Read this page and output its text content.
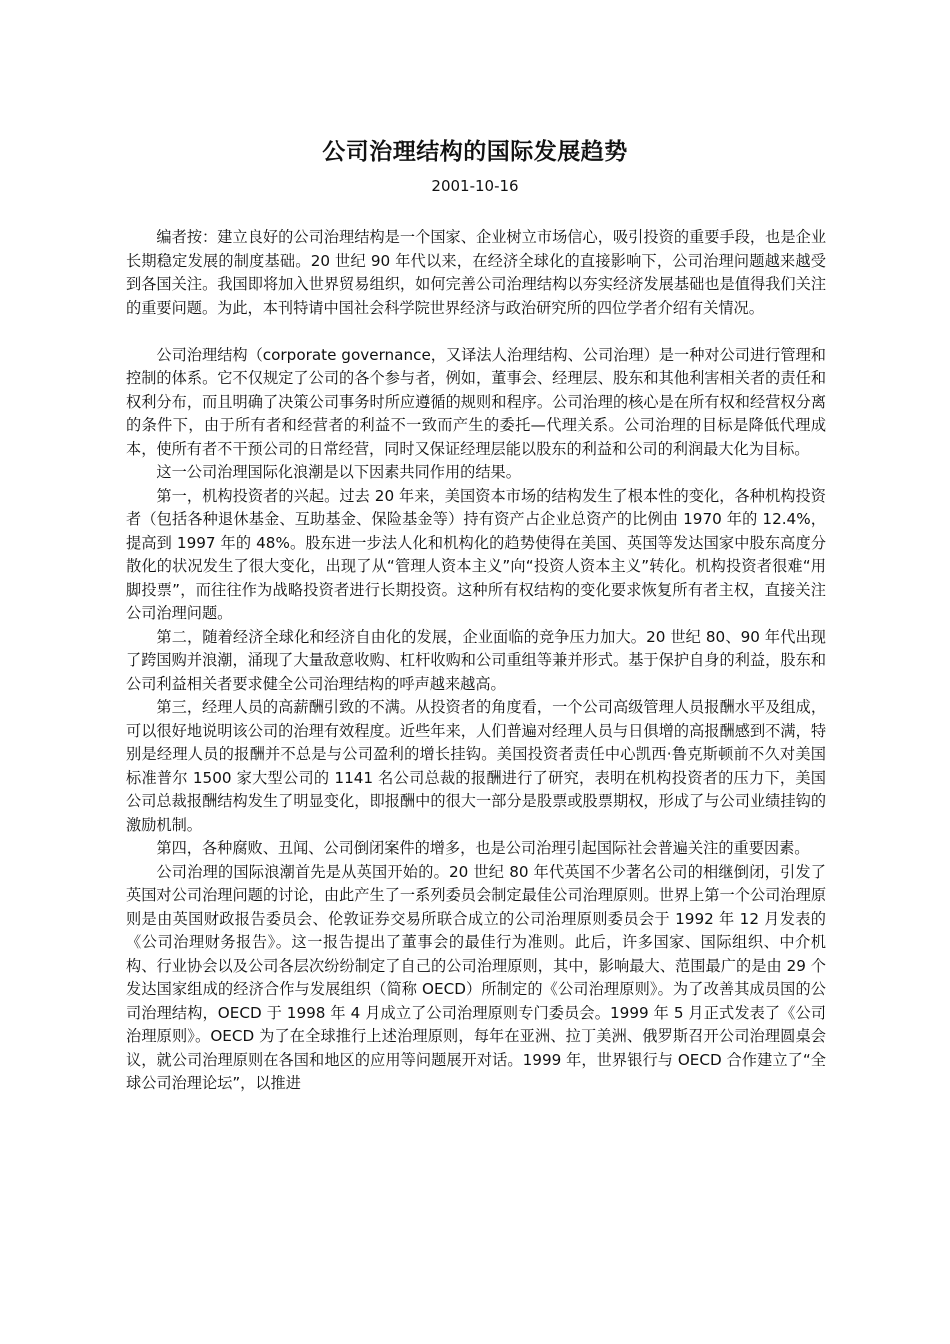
公司治理结构的国际发展趋势
2001-10-16

编者按：建立良好的公司治理结构是一个国家、企业树立市场信心，吸引投资的重要手段，也是企业长期稳定发展的制度基础。20 世纪 90 年代以来，在经济全球化的直接影响下，公司治理问题越来越受到各国关注。我国即将加入世界贸易组织，如何完善公司治理结构以夯实经济发展基础也是值得我们关注的重要问题。为此，本刊特请中国社会科学院世界经济与政治研究所的四位学者介绍有关情况。

公司治理结构（corporate governance，又译法人治理结构、公司治理）是一种对公司进行管理和控制的体系。它不仅规定了公司的各个参与者，例如，董事会、经理层、股东和其他利害相关者的责任和权利分布，而且明确了决策公司事务时所应遵循的规则和程序。公司治理的核心是在所有权和经营权分离的条件下，由于所有者和经营者的利益不一致而产生的委托—代理关系。公司治理的目标是降低代理成本，使所有者不干预公司的日常经营，同时又保证经理层能以股东的利益和公司的利润最大化为目标。

这一公司治理国际化浪潮是以下因素共同作用的结果。

第一，机构投资者的兴起。过去 20 年来，美国资本市场的结构发生了根本性的变化，各种机构投资者（包括各种退休基金、互助基金、保险基金等）持有资产占企业总资产的比例由 1970 年的 12.4%，提高到 1997 年的 48%。股东进一步法人化和机构化的趋势使得在美国、英国等发达国家中股东高度分散化的状况发生了很大变化，出现了从“管理人资本主义”向“投资人资本主义”转化。机构投资者很难“用脚投票”，而往往作为战略投资者进行长期投资。这种所有权结构的变化要求恢复所有者主权，直接关注公司治理问题。

第二，随着经济全球化和经济自由化的发展，企业面临的竞争压力加大。20 世纪 80、90 年代出现了跨国购并浪潮，涌现了大量敌意收购、杠杆收购和公司重组等兼并形式。基于保护自身的利益，股东和公司利益相关者要求健全公司治理结构的呼声越来越高。

第三，经理人员的高薪酬引致的不满。从投资者的角度看，一个公司高级管理人员报酬水平及组成，可以很好地说明该公司的治理有效程度。近些年来，人们普遍对经理人员与日俱增的高报酬感到不满，特别是经理人员的报酬并不总是与公司盈利的增长挂钩。美国投资者责任中心凯西·鲁克斯顿前不久对美国标准普尔 1500 家大型公司的 1141 名公司总裁的报酬进行了研究，表明在机构投资者的压力下，美国公司总裁报酬结构发生了明显变化，即报酬中的很大一部分是股票或股票期权，形成了与公司业绩挂钩的激励机制。

第四，各种腐败、丑闻、公司倒闭案件的增多，也是公司治理引起国际社会普遍关注的重要因素。

公司治理的国际浪潮首先是从英国开始的。20 世纪 80 年代英国不少著名公司的相继倒闭，引发了英国对公司治理问题的讨论，由此产生了一系列委员会制定最佳公司治理原则。世界上第一个公司治理原则是由英国财政报告委员会、伦敦证券交易所联合成立的公司治理原则委员会于 1992 年 12 月发表的《公司治理财务报告》。这一报告提出了董事会的最佳行为准则。此后，许多国家、国际组织、中介机构、行业协会以及公司各层次纷纷制定了自己的公司治理原则，其中，影响最大、范围最广的是由 29 个发达国家组成的经济合作与发展组织（简称 OECD）所制定的《公司治理原则》。为了改善其成员国的公司治理结构，OECD 于 1998 年 4 月成立了公司治理原则专门委员会。1999 年 5 月正式发表了《公司治理原则》。OECD 为了在全球推行上述治理原则，每年在亚洲、拉丁美洲、俄罗斯召开公司治理圆桌会议，就公司治理原则在各国和地区的应用等问题展开对话。1999 年，世界银行与 OECD 合作建立了“全球公司治理论坛”，以推进
